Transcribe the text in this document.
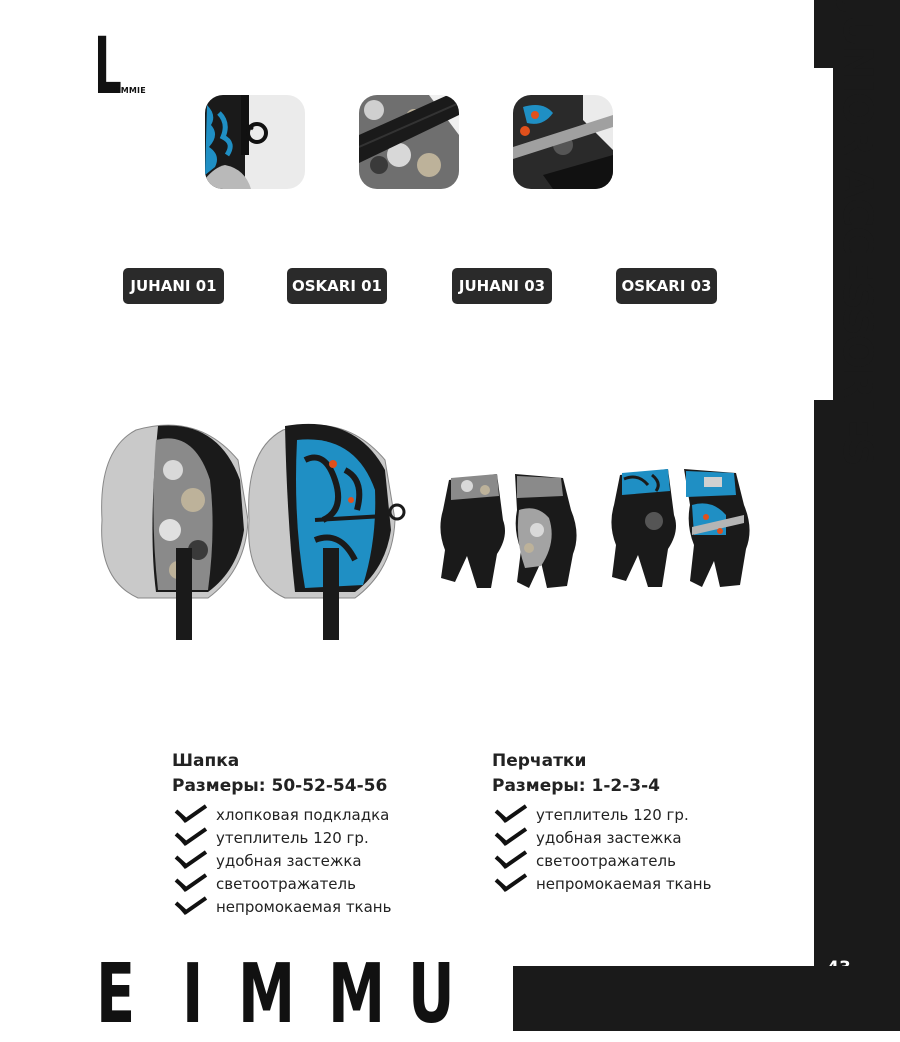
JUNIOR ACCESSORIES
L
UMMIE
JUHANI 01	OSKARI 01	JUHANI 03	OSKARI 03
Шапка
Размеры: 50-52-54-56
хлопковая подкладка
утеплитель 120 гр.
удобная застежка
светоотражатель
непромокаемая ткань
Перчатки
Размеры: 1-2-3-4
утеплитель 120 гр.
удобная застежка
светоотражатель
непромокаемая ткань
E I M M U
